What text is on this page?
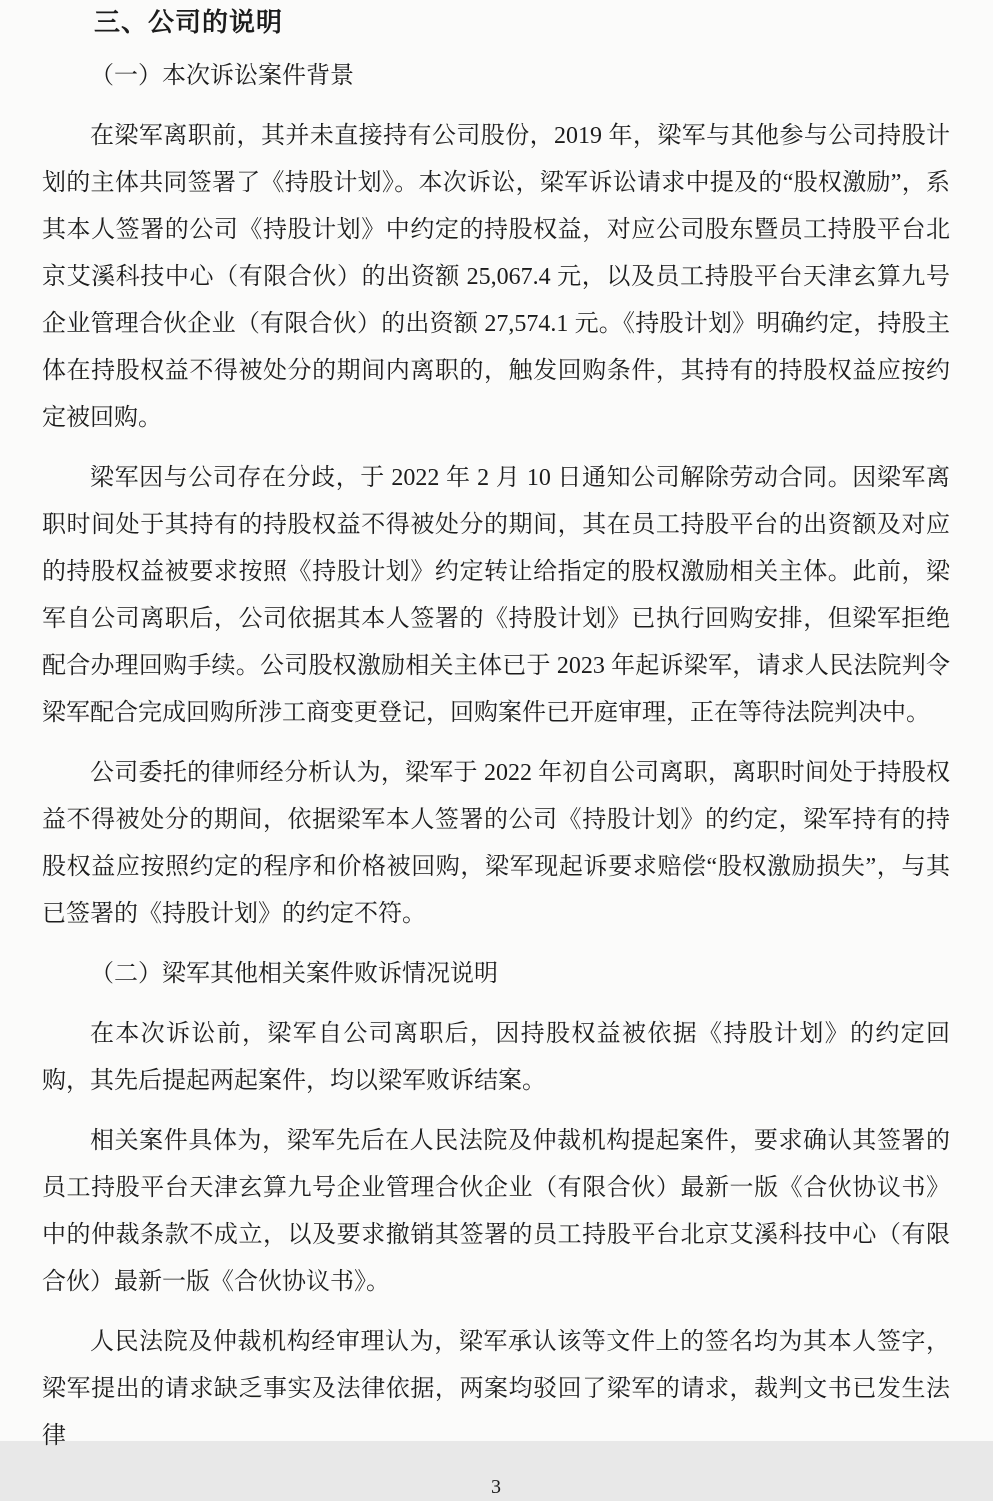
三、公司的说明
（一）本次诉讼案件背景

在梁军离职前，其并未直接持有公司股份，2019 年，梁军与其他参与公司持股计划的主体共同签署了《持股计划》。本次诉讼，梁军诉讼请求中提及的“股权激励”，系其本人签署的公司《持股计划》中约定的持股权益，对应公司股东暨员工持股平台北京艾溪科技中心（有限合伙）的出资额 25,067.4 元，以及员工持股平台天津玄算九号企业管理合伙企业（有限合伙）的出资额 27,574.1 元。《持股计划》明确约定，持股主体在持股权益不得被处分的期间内离职的，触发回购条件，其持有的持股权益应按约定被回购。

梁军因与公司存在分歧，于 2022 年 2 月 10 日通知公司解除劳动合同。因梁军离职时间处于其持有的持股权益不得被处分的期间，其在员工持股平台的出资额及对应的持股权益被要求按照《持股计划》约定转让给指定的股权激励相关主体。此前，梁军自公司离职后，公司依据其本人签署的《持股计划》已执行回购安排，但梁军拒绝配合办理回购手续。公司股权激励相关主体已于 2023 年起诉梁军，请求人民法院判令梁军配合完成回购所涉工商变更登记，回购案件已开庭审理，正在等待法院判决中。

公司委托的律师经分析认为，梁军于 2022 年初自公司离职，离职时间处于持股权益不得被处分的期间，依据梁军本人签署的公司《持股计划》的约定，梁军持有的持股权益应按照约定的程序和价格被回购，梁军现起诉要求赔偿“股权激励损失”，与其已签署的《持股计划》的约定不符。

（二）梁军其他相关案件败诉情况说明

在本次诉讼前，梁军自公司离职后，因持股权益被依据《持股计划》的约定回购，其先后提起两起案件，均以梁军败诉结案。

相关案件具体为，梁军先后在人民法院及仲裁机构提起案件，要求确认其签署的员工持股平台天津玄算九号企业管理合伙企业（有限合伙）最新一版《合伙协议书》中的仲裁条款不成立，以及要求撤销其签署的员工持股平台北京艾溪科技中心（有限合伙）最新一版《合伙协议书》。

人民法院及仲裁机构经审理认为，梁军承认该等文件上的签名均为其本人签字，梁军提出的请求缺乏事实及法律依据，两案均驳回了梁军的请求，裁判文书已发生法律

3
